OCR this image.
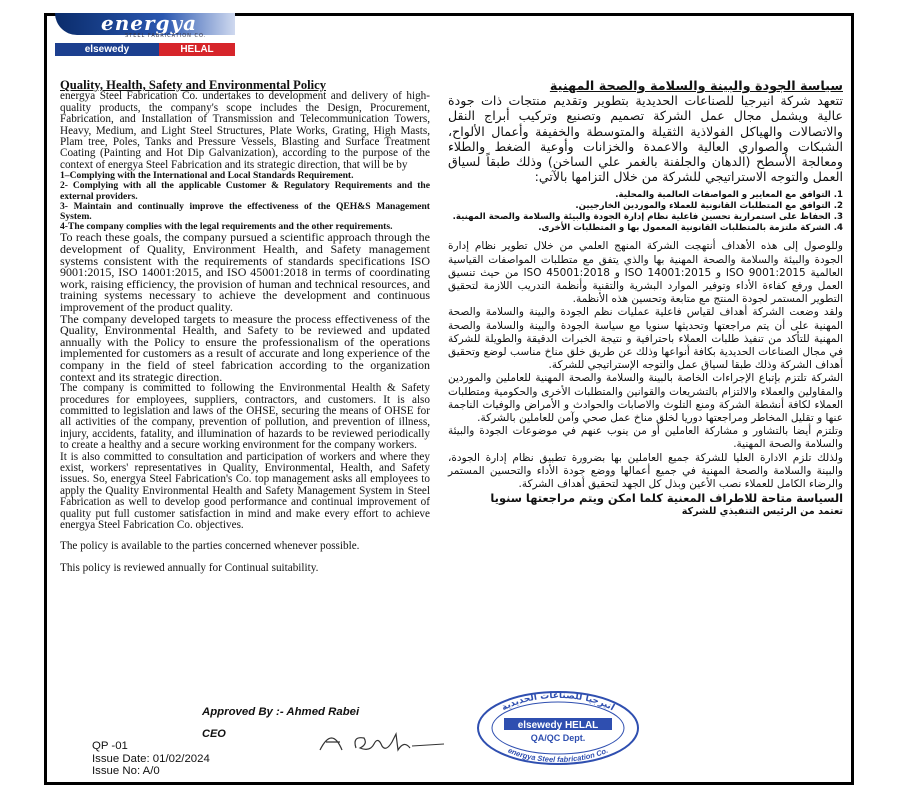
energya
STEEL FABRICATION CO.
elsewedy	HELAL

Quality, Health, Safety and Environmental Policy

energya Steel Fabrication Co. undertakes to development and delivery of high-quality products, the company's scope includes the Design, Procurement, Fabrication, and Installation of Transmission and Telecommunication Towers, Heavy, Medium, and Light Steel Structures, Plate Works, Grating, High Masts, Plam tree, Poles, Tanks and Pressure Vessels, Blasting and Surface Treatment Coating (Painting and Hot Dip Galvanization), according to the purpose of the context of energya Steel Fabrication and its strategic direction, that will be by

1–Complying with the International and Local Standards Requirement.

2- Complying with all the applicable Customer & Regulatory Requirements and the external providers.

3- Maintain and continually improve the effectiveness of the QEH&S Management System.

4-The company complies with the legal requirements and the other requirements.

To reach these goals, the company pursued a scientific approach through the development of Quality, Environment Health, and Safety management systems consistent with the requirements of standards specifications ISO 9001:2015, ISO 14001:2015, and ISO 45001:2018 in terms of coordinating work, raising efficiency, the provision of human and technical resources, and training systems necessary to achieve the development and continuous improvement of the product quality.

The company developed targets to measure the process effectiveness of the Quality, Environmental Health, and Safety to be reviewed and updated annually with the Policy to ensure the professionalism of the operations implemented for customers as a result of accurate and long experience of the company in the field of steel fabrication according to the organization context and its strategic direction.

The company is committed to following the Environmental Health & Safety procedures for employees, suppliers, contractors, and customers. It is also committed to legislation and laws of the OHSE, securing the means of OHSE for all activities of the company, prevention of pollution, and prevention of illness, injury, accidents, fatality, and illumination of hazards to be reviewed periodically to create a healthy and a secure working environment for the company workers.

It is also committed to consultation and participation of workers and where they exist, workers' representatives in Quality, Environmental, Health, and Safety issues. So, energya Steel Fabrication's Co. top management asks all employees to apply the Quality Environmental Health and Safety Management System in Steel Fabrication as well to develop good performance and continual improvement of quality put full customer satisfaction in mind and make every effort to achieve energya Steel Fabrication Co. objectives.

The policy is available to the parties concerned whenever possible.

This policy is reviewed annually for Continual suitability.

سياسة الجودة والبينة والسلامة والصحة المهنية

تتعهد شركة انيرجيا للصناعات الحديدية بتطوير وتقديم منتجات ذات جودة عالية ويشمل مجال عمل الشركة تصميم وتصنيع وتركيب أبراج النقل والاتصالات والهياكل الفولاذية الثقيلة والمتوسطة والخفيفة وأعمال الألواح، الشبكات والصواري العالية والاعمدة والخزانات وأوعية الضغط والطلاء ومعالجة الأسطح (الدهان والجلفنة بالغمر علي الساخن) وذلك طبقاً لسياق العمل والتوجه الاستراتيجي للشركة من خلال التزامها بالآتي:

1. التوافق مع المعايير و المواصفات العالمية والمحلية.

2. التوافق مع المتطلبات القانونية للعملاء والموردين الخارجيين.

3. الحفاظ على استمرارية تحسين فاعلية نظام إدارة الجودة والبيئة والسلامة والصحة المهنية.

4. الشركة ملتزمة بالمتطلبات القانونية المعمول بها و المتطلبات الأخرى.

وللوصول إلى هذه الأهداف أنتهجت الشركة المنهج العلمي من خلال تطوير نظام إدارة الجودة والبيئة والسلامة والصحة المهنية بها والذي يتفق مع متطلبات المواصفات القياسية العالمية ISO 9001:2015 و ISO 14001:2015 و ISO 45001:2018 من حيث تنسيق العمل ورفع كفاءة الأداء وتوفير الموارد البشرية والتقنية وأنظمة التدريب اللازمة لتحقيق التطوير المستمر لجودة المنتج مع متابعة وتحسين هذه الأنظمة.

ولقد وضعت الشركة أهداف لقياس فاعلية عمليات نظم الجودة والبينة والسلامة والصحة المهنية على أن يتم مراجعتها وتحديثها سنويا مع سياسة الجودة والبينة والسلامة والصحة المهنية للتأكد من تنفيذ طلبات العملاء باحترافية و نتيجة الخبرات الدقيقة والطويلة للشركة في مجال الصناعات الحديدية بكافة أنواعها وذلك عن طريق خلق مناخ مناسب لوضع وتحقيق أهداف الشركة وذلك طبقا لسياق عمل والتوجه الإستراتيجي للشركة.

الشركة تلتزم بإتباع الإجراءات الخاصة بالبينة والسلامة والصحة المهنية للعاملين والموردين والمقاولين والعملاء والالتزام بالتشريعات والقوانين والمتطلبات الأخرى والحكومية ومتطلبات العملاء لكافة أنشطة الشركة ومنع التلوث والاصابات والحوادث و الأمراض والوفيات الناجمة عنها و تقليل المخاطر ومراجعتها دوريا لخلق مناخ عمل صحي وآمن للعاملين بالشركة.

وتلتزم أيضا بالتشاور و مشاركة العاملين أو من ينوب عنهم في موضوعات الجودة والبيئة والسلامة والصحة المهنية.

ولذلك تلزم الادارة العليا للشركة جميع العاملين بها بضرورة تطبيق نظام إدارة الجودة، والبينة والسلامة والصحة المهنية في جميع أعمالها ووضع جودة الأداء والتحسين المستمر والرضاء الكامل للعملاء نصب الأعين وبذل كل الجهد لتحقيق أهداف الشركة.

السياسة متاحة للاطراف المعنية كلما امكن ويتم مراجعتها سنويا

تعتمد من الرئيس التنفيذي للشركة

Approved By :- Ahmed Rabei
CEO
A·Saeh
QP -01
Issue Date: 01/02/2024
Issue No: A/0
انيرجيا للصناعات الحديدية
elsewedy HELAL
QA/QC Dept.
energya Steel fabrication Co.
